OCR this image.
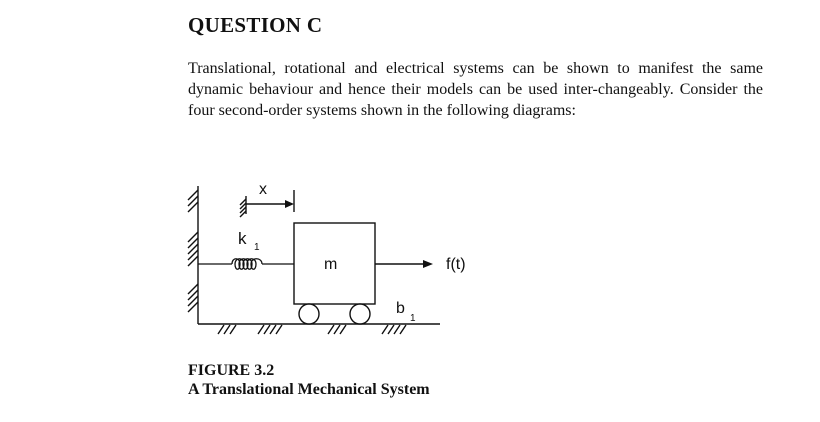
QUESTION C

Translational, rotational and electrical systems can be shown to manifest the same dynamic behaviour and hence their models can be used inter-changeably. Consider the four second-order systems shown in the following diagrams:

x
k 1
m	f(t)
b
1

FIGURE 3.2

A Translational Mechanical System
